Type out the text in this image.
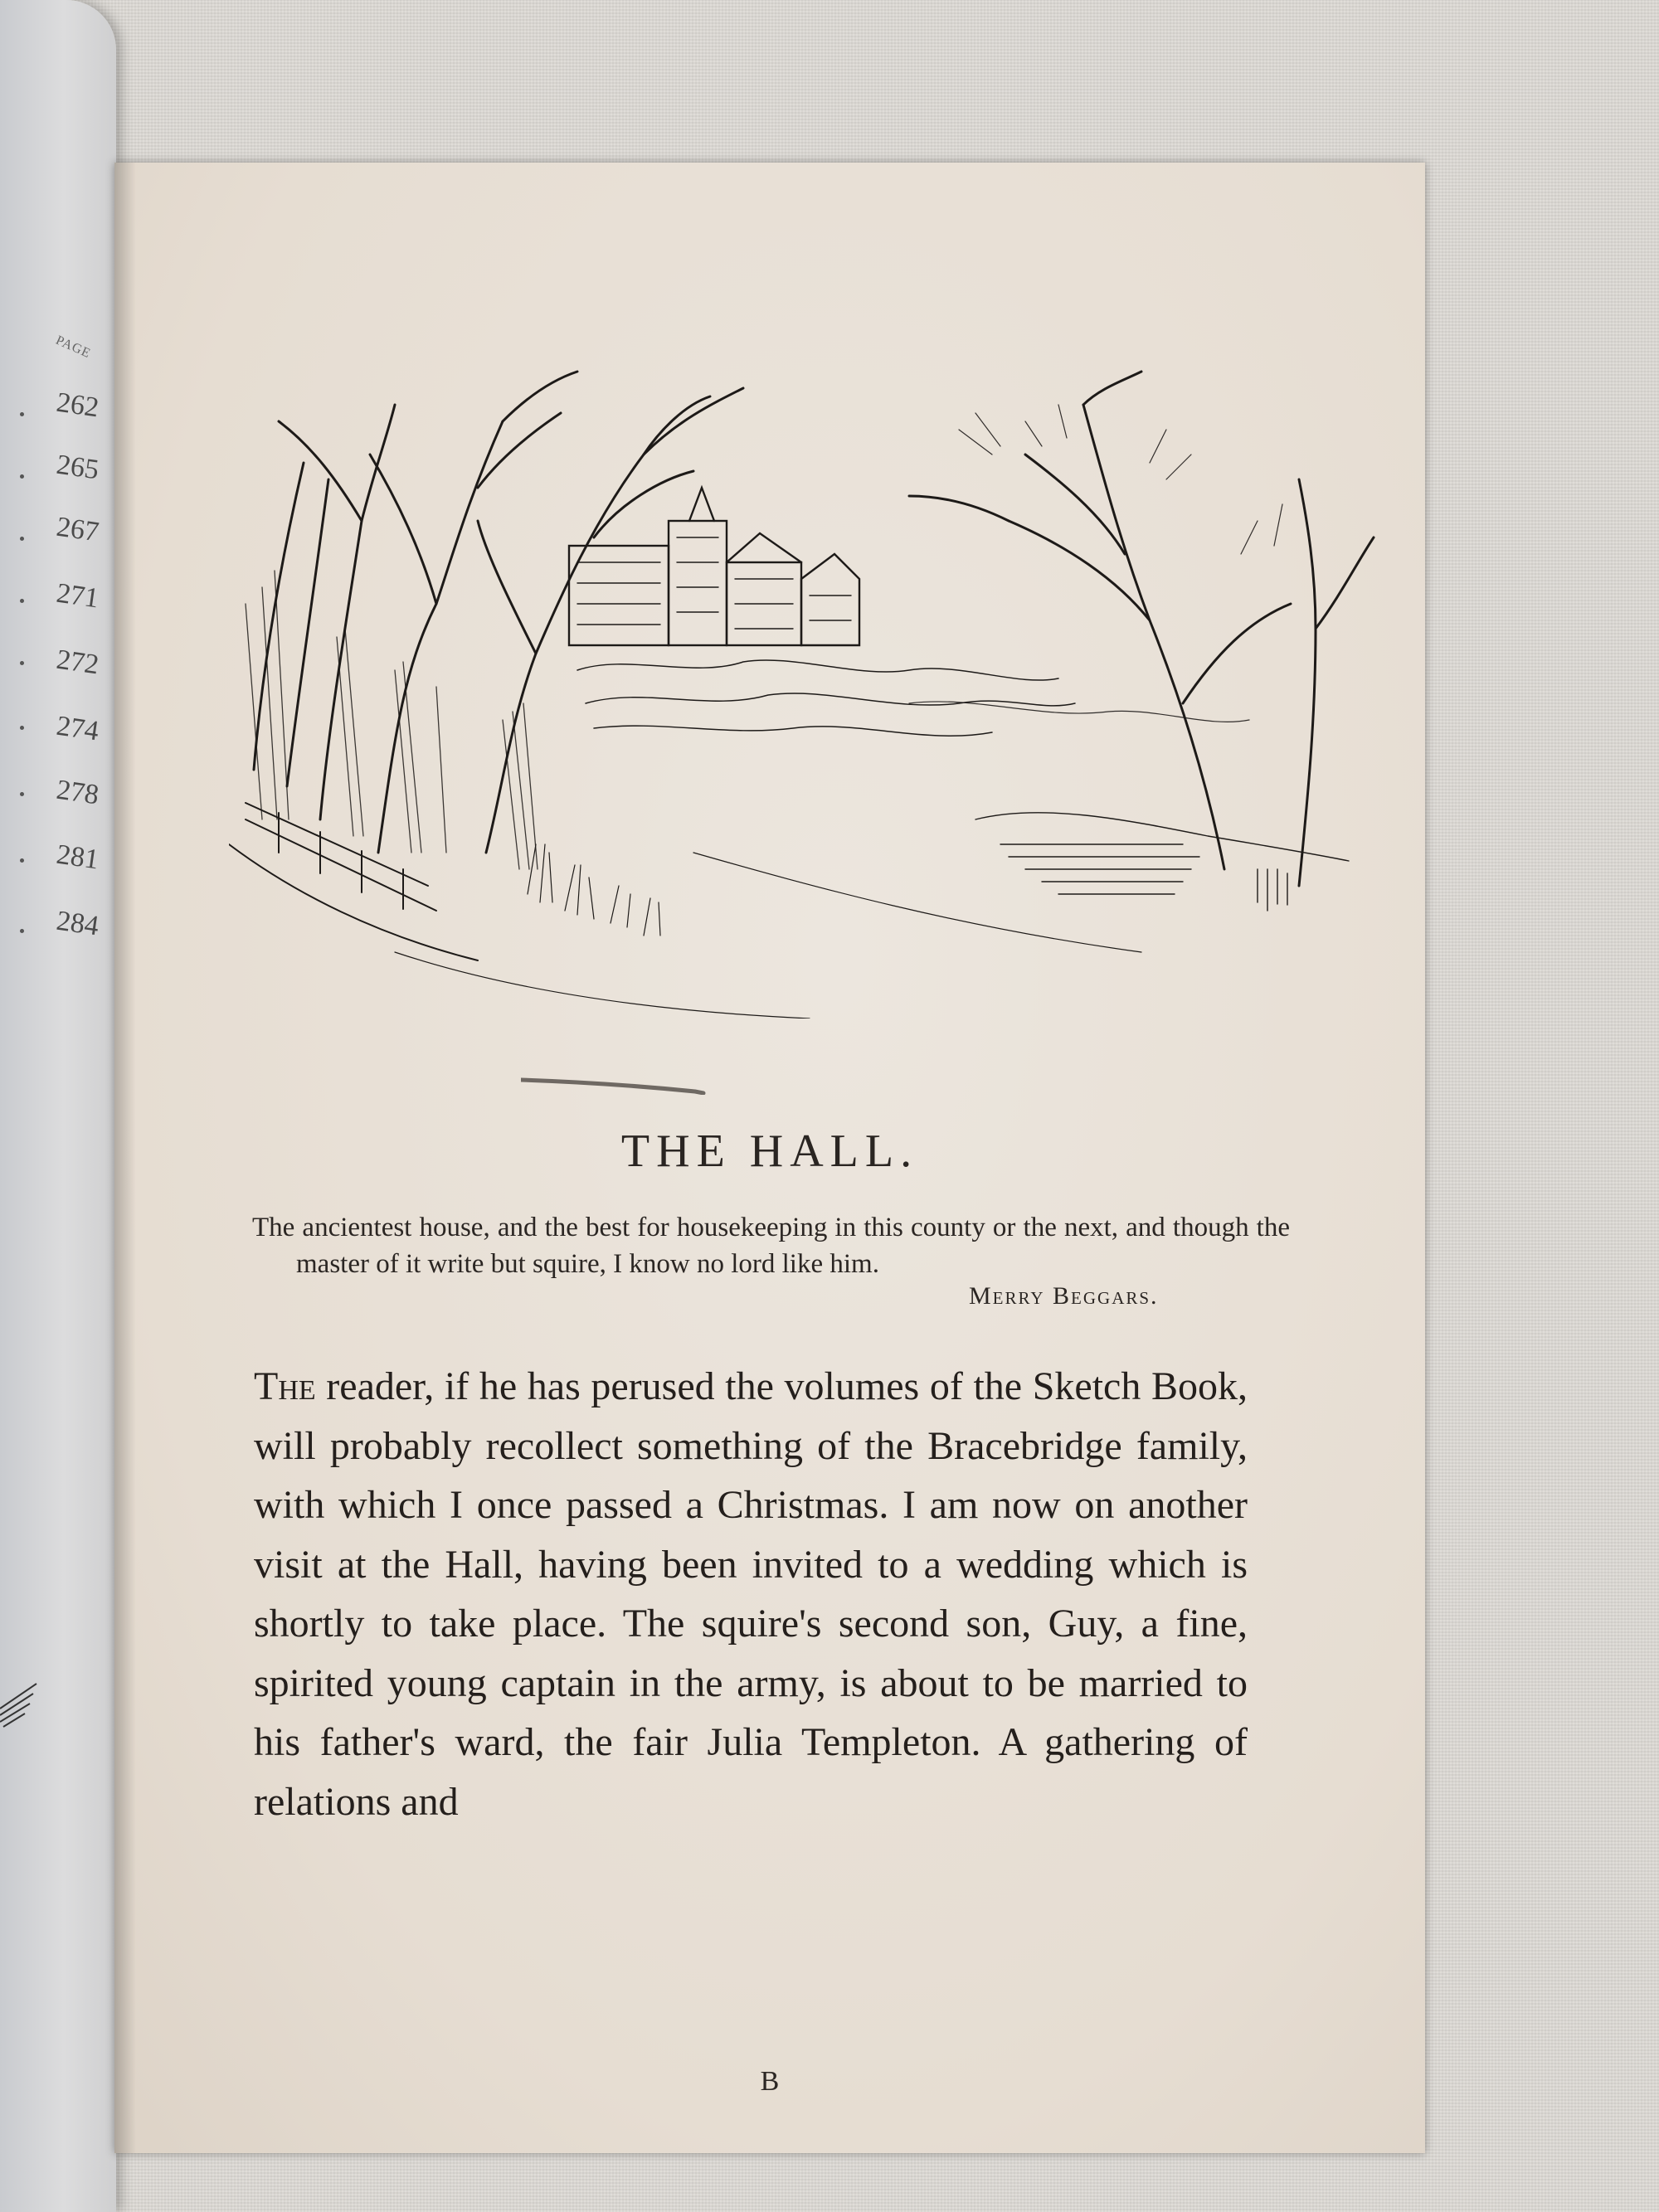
PAGE
262
265
267
271
272
274
278
281
284
THE HALL.

The ancientest house, and the best for housekeeping in this county or the next, and though the master of it write but squire, I know no lord like him.

Merry Beggars.

The reader, if he has perused the volumes of the Sketch Book, will probably recollect something of the Bracebridge family, with which I once passed a Christmas. I am now on another visit at the Hall, having been invited to a wedding which is shortly to take place. The squire's second son, Guy, a fine, spirited young captain in the army, is about to be married to his father's ward, the fair Julia Templeton. A gathering of relations and

B
